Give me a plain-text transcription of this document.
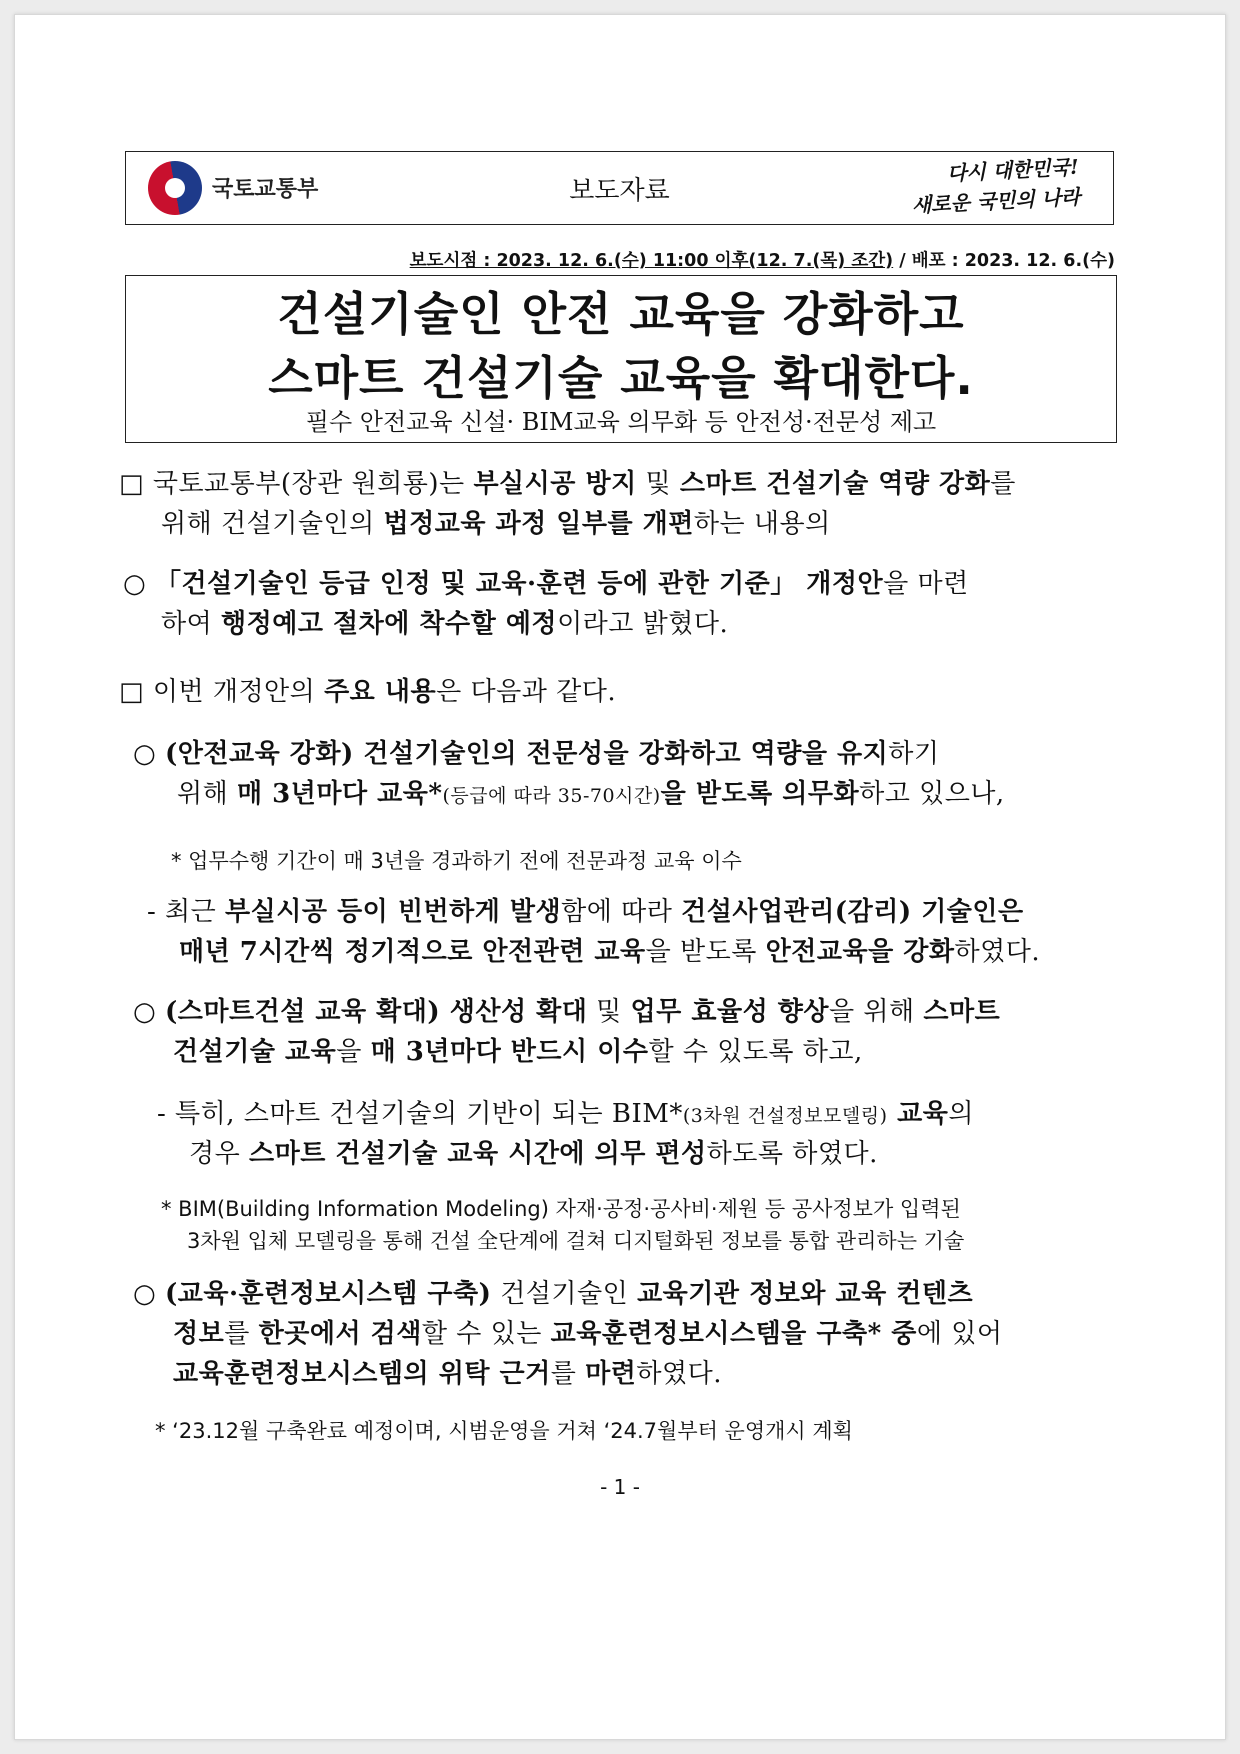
국토교통부	보도자료
다시 대한민국!
새로운 국민의 나라
보도시점 : 2023. 12. 6.(수) 11:00 이후(12. 7.(목) 조간) / 배포 : 2023. 12. 6.(수)
건설기술인 안전 교육을 강화하고
스마트 건설기술 교육을 확대한다.
필수 안전교육 신설· BIM교육 의무화 등 안전성·전문성 제고
□ 국토교통부(장관 원희룡)는 부실시공 방지 및 스마트 건설기술 역량 강화를
위해 건설기술인의 법정교육 과정 일부를 개편하는 내용의
○ 「건설기술인 등급 인정 및 교육·훈련 등에 관한 기준」 개정안을 마련
하여 행정예고 절차에 착수할 예정이라고 밝혔다.
□ 이번 개정안의 주요 내용은 다음과 같다.
○ (안전교육 강화) 건설기술인의 전문성을 강화하고 역량을 유지하기
위해 매 3년마다 교육*(등급에 따라 35-70시간)을 받도록 의무화하고 있으나,
* 업무수행 기간이 매 3년을 경과하기 전에 전문과정 교육 이수
- 최근 부실시공 등이 빈번하게 발생함에 따라 건설사업관리(감리) 기술인은
매년 7시간씩 정기적으로 안전관련 교육을 받도록 안전교육을 강화하였다.
○ (스마트건설 교육 확대) 생산성 확대 및 업무 효율성 향상을 위해 스마트
건설기술 교육을 매 3년마다 반드시 이수할 수 있도록 하고,
- 특히, 스마트 건설기술의 기반이 되는 BIM*(3차원 건설정보모델링) 교육의
경우 스마트 건설기술 교육 시간에 의무 편성하도록 하였다.
* BIM(Building Information Modeling) 자재·공정·공사비·제원 등 공사정보가 입력된
3차원 입체 모델링을 통해 건설 全단계에 걸쳐 디지털화된 정보를 통합 관리하는 기술
○ (교육·훈련정보시스템 구축) 건설기술인 교육기관 정보와 교육 컨텐츠
정보를 한곳에서 검색할 수 있는 교육훈련정보시스템을 구축* 중에 있어
교육훈련정보시스템의 위탁 근거를 마련하였다.
* ‘23.12월 구축완료 예정이며, 시범운영을 거쳐 ‘24.7월부터 운영개시 계획
- 1 -
